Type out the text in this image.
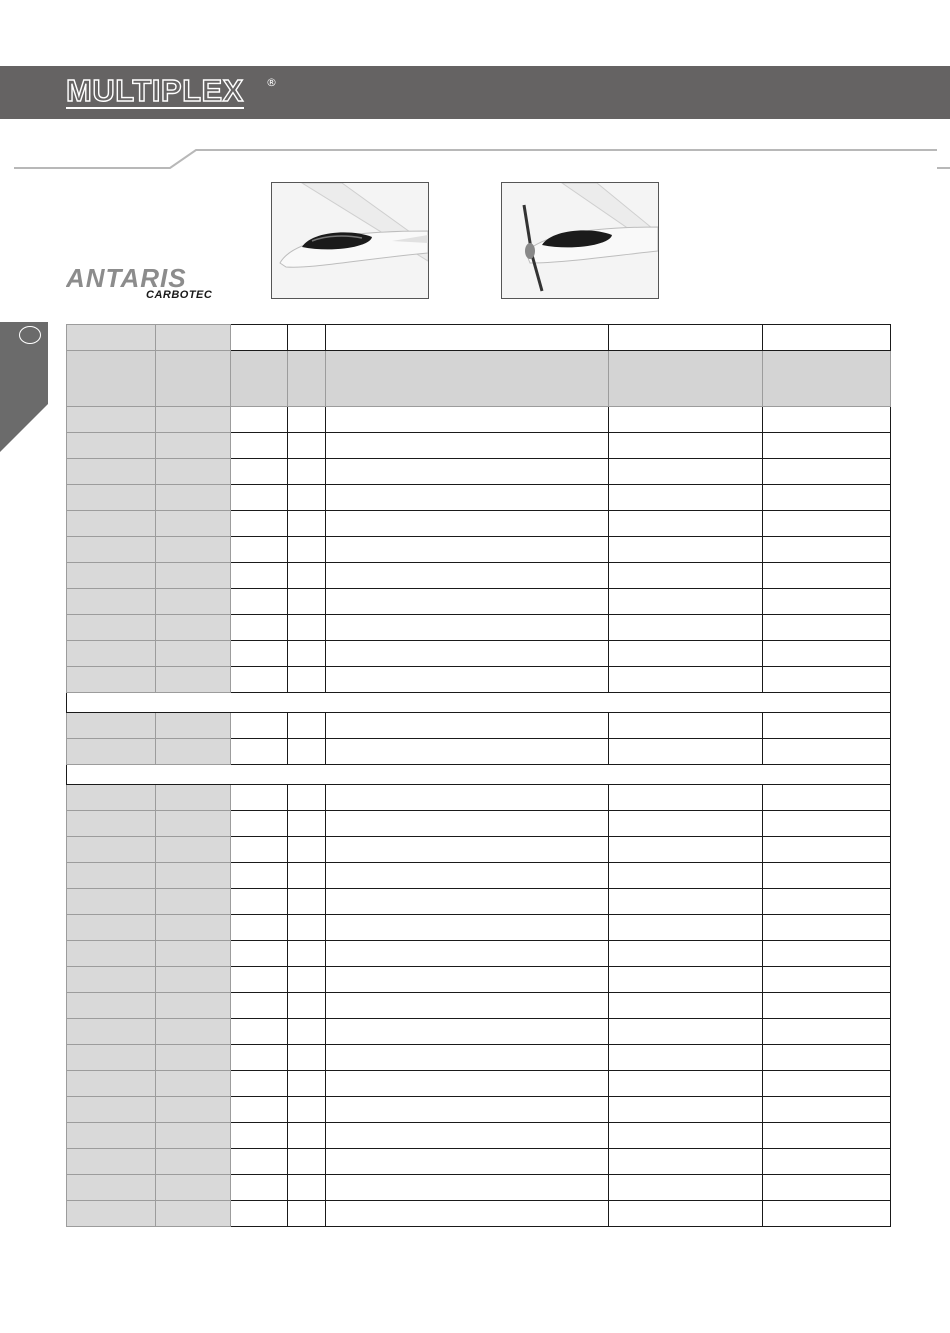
MULTIPLEX ®
ANTARIS
CARBOTEC
